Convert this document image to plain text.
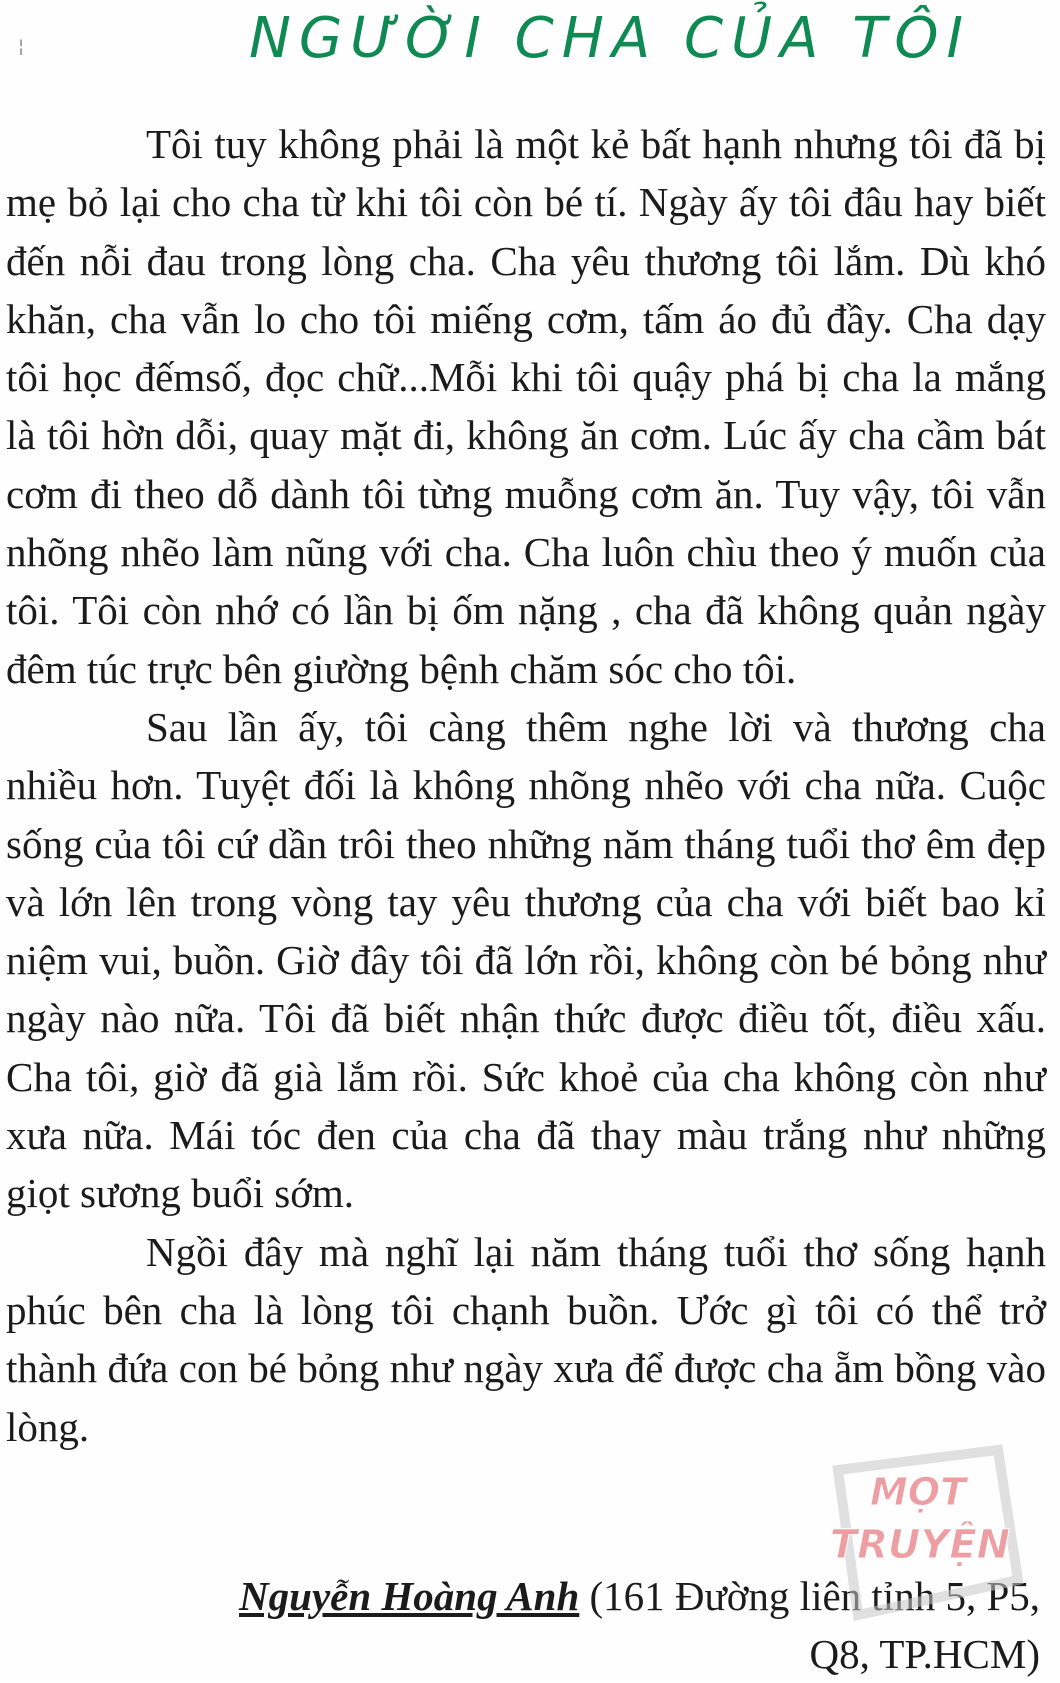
¦	NGƯỜI CHA CỦA TÔI

Tôi tuy không phải là một kẻ bất hạnh nhưng tôi đã bị mẹ bỏ lại cho cha từ khi tôi còn bé tí. Ngày ấy tôi đâu hay biết đến nỗi đau trong lòng cha. Cha yêu thương tôi lắm. Dù khó khăn, cha vẫn lo cho tôi miếng cơm, tấm áo đủ đầy. Cha dạy tôi học đếmsố, đọc chữ...Mỗi khi tôi quậy phá bị cha la mắng là tôi hờn dỗi, quay mặt đi, không ăn cơm. Lúc ấy cha cầm bát cơm đi theo dỗ dành tôi từng muỗng cơm ăn. Tuy vậy, tôi vẫn nhõng nhẽo làm nũng với cha. Cha luôn chìu theo ý muốn của tôi. Tôi còn nhớ có lần bị ốm nặng , cha đã không quản ngày đêm túc trực bên giường bệnh chăm sóc cho tôi.

Sau lần ấy, tôi càng thêm nghe lời và thương cha nhiều hơn. Tuyệt đối là không nhõng nhẽo với cha nữa. Cuộc sống của tôi cứ dần trôi theo những năm tháng tuổi thơ êm đẹp và lớn lên trong vòng tay yêu thương của cha với biết bao kỉ niệm vui, buồn. Giờ đây tôi đã lớn rồi, không còn bé bỏng như ngày nào nữa. Tôi đã biết nhận thức được điều tốt, điều xấu. Cha tôi, giờ đã già lắm rồi. Sức khoẻ của cha không còn như xưa nữa. Mái tóc đen của cha đã thay màu trắng như những giọt sương buổi sớm.

Ngồi đây mà nghĩ lại năm tháng tuổi thơ sống hạnh phúc bên cha là lòng tôi chạnh buồn. Ước gì tôi có thể trở thành đứa con bé bỏng như ngày xưa để được cha ẵm bồng vào lòng.

Nguyễn Hoàng Anh (161 Đường liên tỉnh 5, P5,
Q8, TP.HCM)
MỌT
TRUYỆN
